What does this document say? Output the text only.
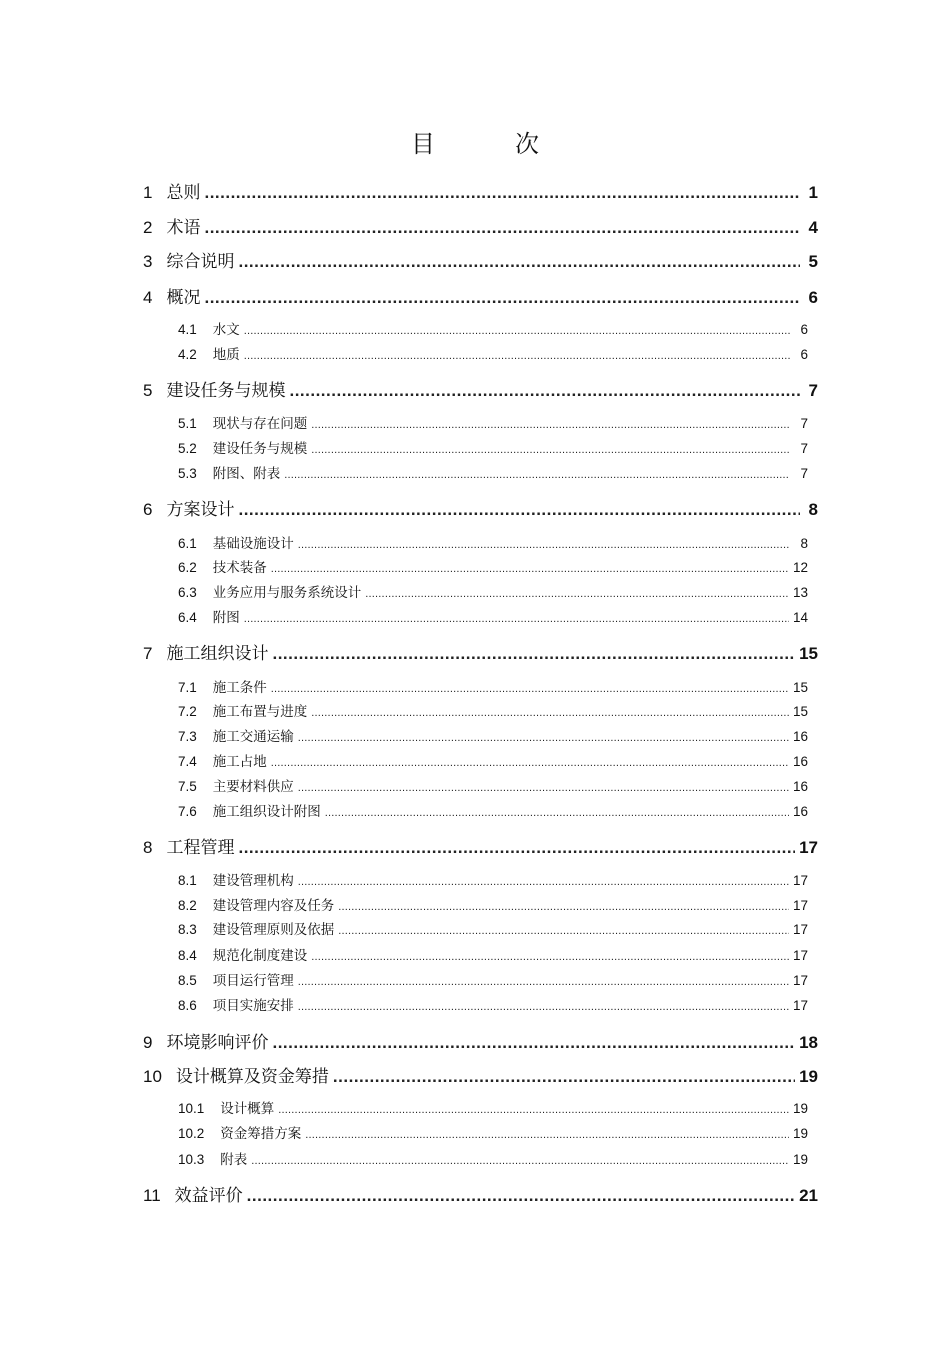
目　次
1 总则 .....	1
2 术语 .....	4
3 综合说明 .....	5
4 概况 .....	6
4.1 水文 .....	6
4.2 地质 .....	6
5 建设任务与规模 .....	7
5.1 现状与存在问题 .....	7
5.2 建设任务与规模 .....	7
5.3 附图、附表 .....	7
6 方案设计 .....	8
6.1 基础设施设计 .....	8
6.2 技术装备 .....	12
6.3 业务应用与服务系统设计 .....	13
6.4 附图 .....	14
7 施工组织设计 .....	15
7.1 施工条件 .....	15
7.2 施工布置与进度 .....	15
7.3 施工交通运输 .....	16
7.4 施工占地 .....	16
7.5 主要材料供应 .....	16
7.6 施工组织设计附图 .....	16
8 工程管理 .....	17
8.1 建设管理机构 .....	17
8.2 建设管理内容及任务 .....	17
8.3 建设管理原则及依据 .....	17
8.4 规范化制度建设 .....	17
8.5 项目运行管理 .....	17
8.6 项目实施安排 .....	17
9 环境影响评价 .....	18
10 设计概算及资金筹措 .....	19
10.1 设计概算 .....	19
10.2 资金筹措方案 .....	19
10.3 附表 .....	19
11 效益评价 .....	21
